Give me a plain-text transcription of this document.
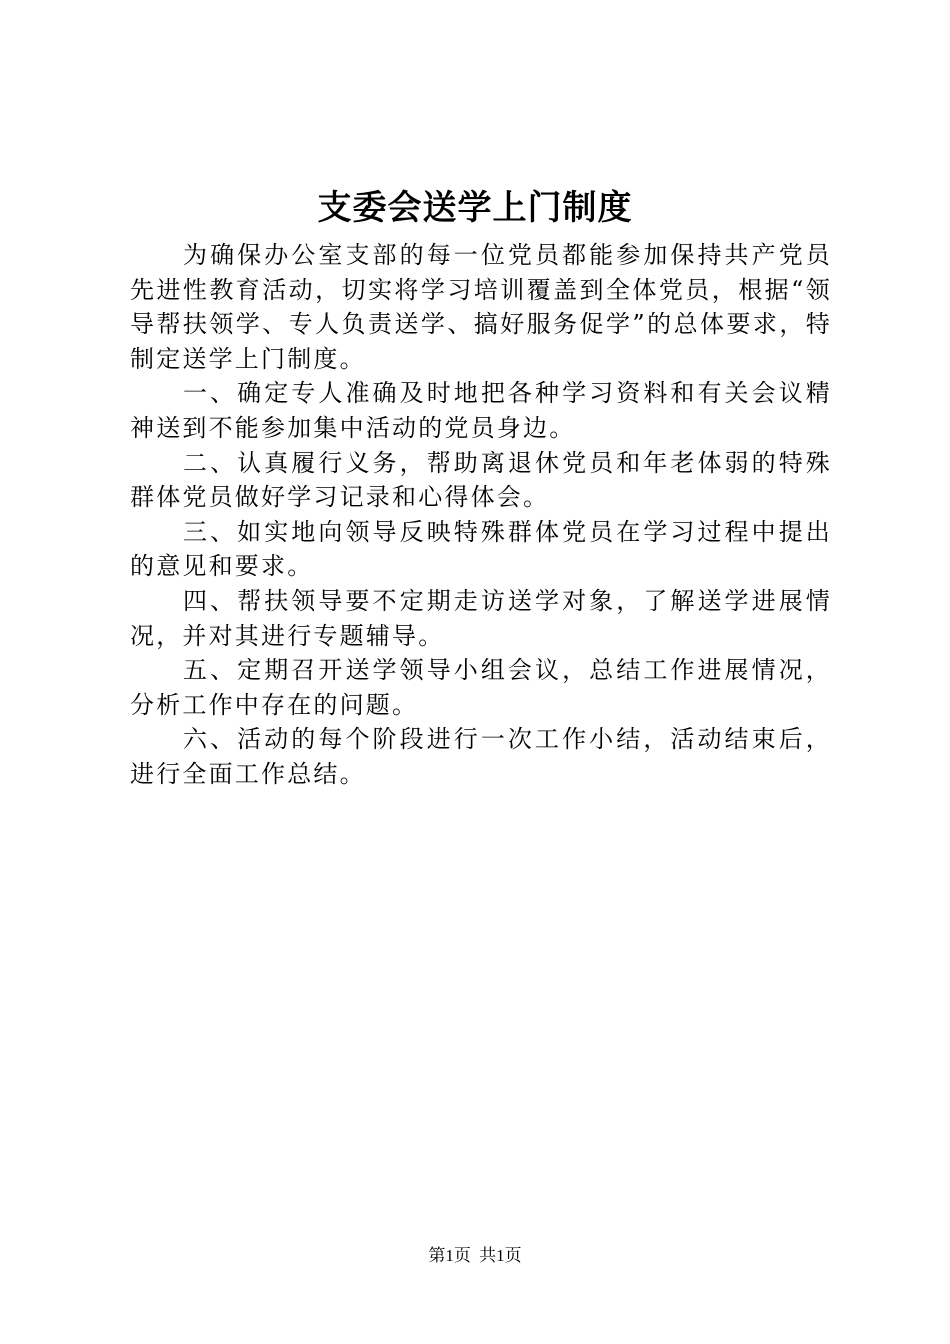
支委会送学上门制度

为确保办公室支部的每一位党员都能参加保持共产党员先进性教育活动，切实将学习培训覆盖到全体党员，根据“领导帮扶领学、专人负责送学、搞好服务促学”的总体要求，特制定送学上门制度。

一、确定专人准确及时地把各种学习资料和有关会议精神送到不能参加集中活动的党员身边。

二、认真履行义务，帮助离退休党员和年老体弱的特殊群体党员做好学习记录和心得体会。

三、如实地向领导反映特殊群体党员在学习过程中提出的意见和要求。

四、帮扶领导要不定期走访送学对象，了解送学进展情况，并对其进行专题辅导。

五、定期召开送学领导小组会议，总结工作进展情况，分析工作中存在的问题。

六、活动的每个阶段进行一次工作小结，活动结束后，进行全面工作总结。

第1页 共1页
